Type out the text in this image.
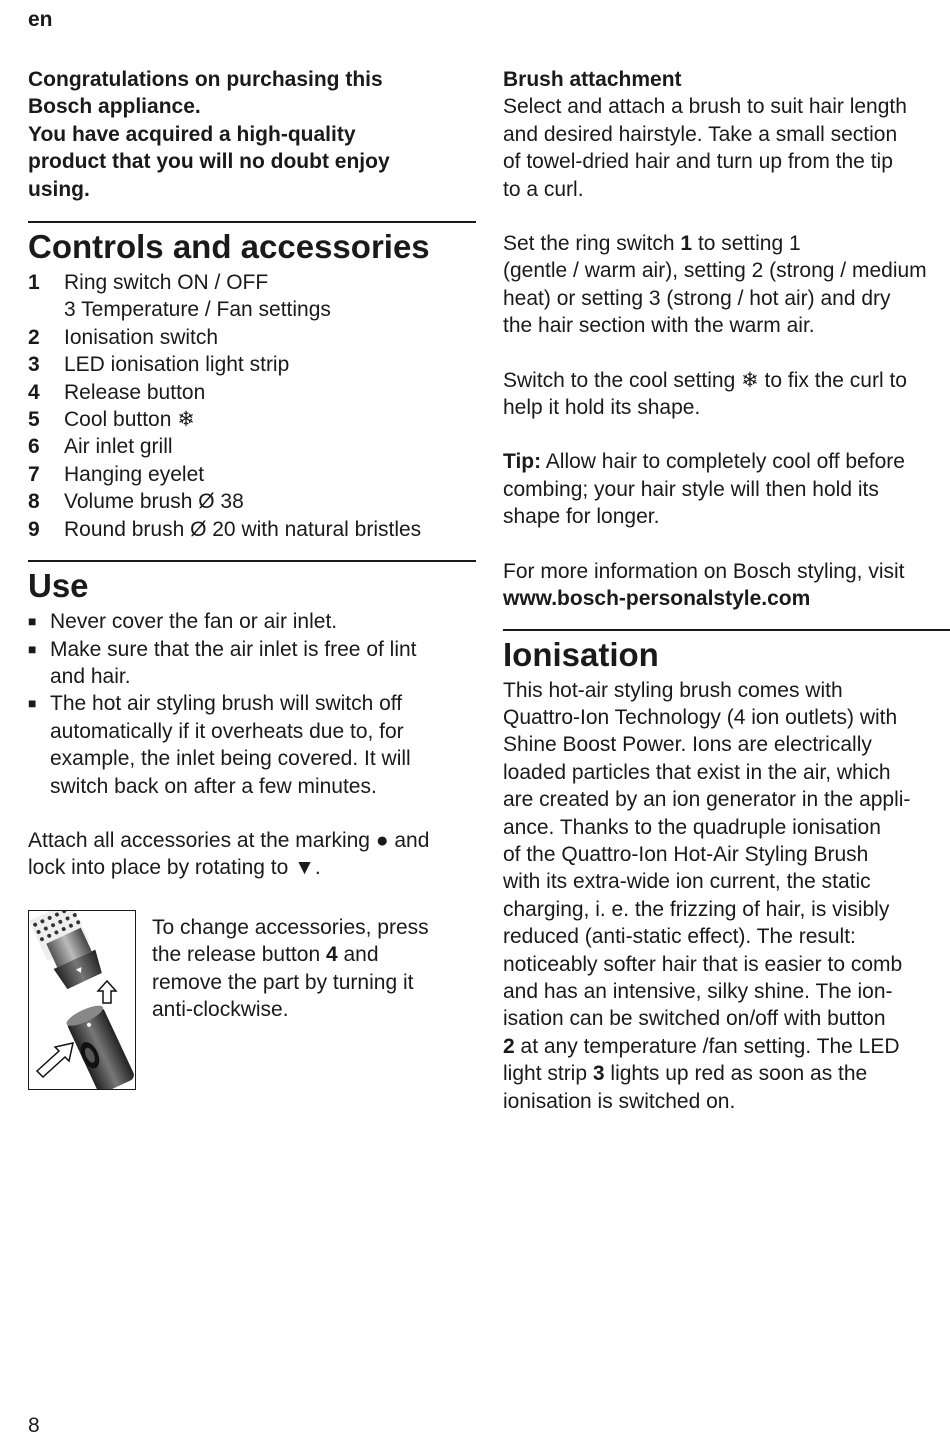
en
Congratulations on purchasing this
Bosch appliance.
You have acquired a high-quality
product that you will no doubt enjoy
using.
Controls and accessories
1	Ring switch ON / OFF
3 Temperature / Fan settings
2	Ionisation switch
3	LED ionisation light strip
4	Release button
5	Cool button ❄
6	Air inlet grill
7	Hanging eyelet
8	Volume brush Ø 38
9	Round brush Ø 20 with natural bristles
Use
■ Never cover the fan or air inlet.
■ Make sure that the air inlet is free of lint
and hair.
■ The hot air styling brush will switch off
automatically if it overheats due to, for
example, the inlet being covered. It will
switch back on after a few minutes.

Attach all accessories at the marking ● and

lock into place by rotating to ▼.

To change accessories, press

the release button 4 and

remove the part by turning it

anti-clockwise.

Brush attachment

Select and attach a brush to suit hair length

and desired hairstyle. Take a small section

of towel-dried hair and turn up from the tip

to a curl.

Set the ring switch 1 to setting 1

(gentle / warm air), setting 2 (strong / medium

heat) or setting 3 (strong / hot air) and dry

the hair section with the warm air.

Switch to the cool setting ❄ to fix the curl to

help it hold its shape.

Tip: Allow hair to completely cool off before

combing; your hair style will then hold its

shape for longer.

For more information on Bosch styling, visit

www.bosch-personalstyle.com

Ionisation

This hot-air styling brush comes with

Quattro-Ion Technology (4 ion outlets) with

Shine Boost Power. Ions are electrically

loaded particles that exist in the air, which

are created by an ion generator in the appli-

ance. Thanks to the quadruple ionisation

of the Quattro-Ion Hot-Air Styling Brush

with its extra-wide ion current, the static

charging, i. e. the frizzing of hair, is visibly

reduced (anti-static effect). The result:

noticeably softer hair that is easier to comb

and has an intensive, silky shine. The ion-

isation can be switched on/off with button

2 at any temperature /fan setting. The LED

light strip 3 lights up red as soon as the

ionisation is switched on.

8
